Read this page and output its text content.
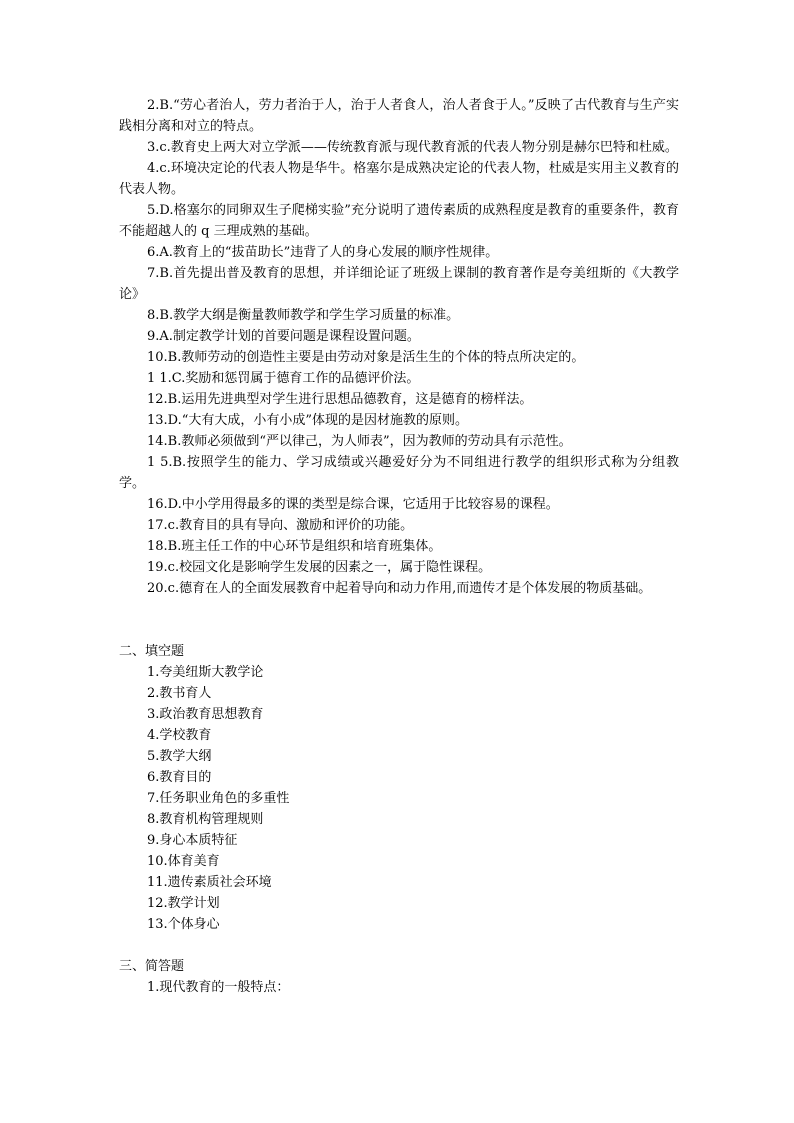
2.B.“劳心者治人，劳力者治于人，治于人者食人，治人者食于人。”反映了古代教育与生产实践相分离和对立的特点。

3.c.教育史上两大对立学派——传统教育派与现代教育派的代表人物分别是赫尔巴特和杜威。

4.c.环境决定论的代表人物是华牛。格塞尔是成熟决定论的代表人物，杜威是实用主义教育的代表人物。

5.D.格塞尔的同卵双生子爬梯实验”充分说明了遗传素质的成熟程度是教育的重要条件，教育不能超越人的 q 三理成熟的基础。

6.A.教育上的“拔苗助长”违背了人的身心发展的顺序性规律。

7.B.首先提出普及教育的思想，并详细论证了班级上课制的教育著作是夸美纽斯的《大教学论》

8.B.教学大纲是衡量教师教学和学生学习质量的标准。

9.A.制定教学计划的首要问题是课程设置问题。

10.B.教师劳动的创造性主要是由劳动对象是活生生的个体的特点所决定的。

1 1.C.奖励和惩罚属于德育工作的品德评价法。

12.B.运用先进典型对学生进行思想品德教育，这是德育的榜样法。

13.D.“大有大成，小有小成”体现的是因材施教的原则。

14.B.教师必须做到“严以律己，为人师表”，因为教师的劳动具有示范性。

1 5.B.按照学生的能力、学习成绩或兴趣爱好分为不同组进行教学的组织形式称为分组教学。

16.D.中小学用得最多的课的类型是综合课，它适用于比较容易的课程。

17.c.教育目的具有导向、激励和评价的功能。

18.B.班主任工作的中心环节是组织和培育班集体。

19.c.校园文化是影响学生发展的因素之一，属于隐性课程。

20.c.德育在人的全面发展教育中起着导向和动力作用,而遗传才是个体发展的物质基础。

二、填空题

1.夸美纽斯大教学论

2.教书育人

3.政治教育思想教育

4.学校教育

5.教学大纲

6.教育目的

7.任务职业角色的多重性

8.教育机构管理规则

9.身心本质特征

10.体育美育

11.遗传素质社会环境

12.教学计划

13.个体身心

三、简答题

1.现代教育的一般特点：
